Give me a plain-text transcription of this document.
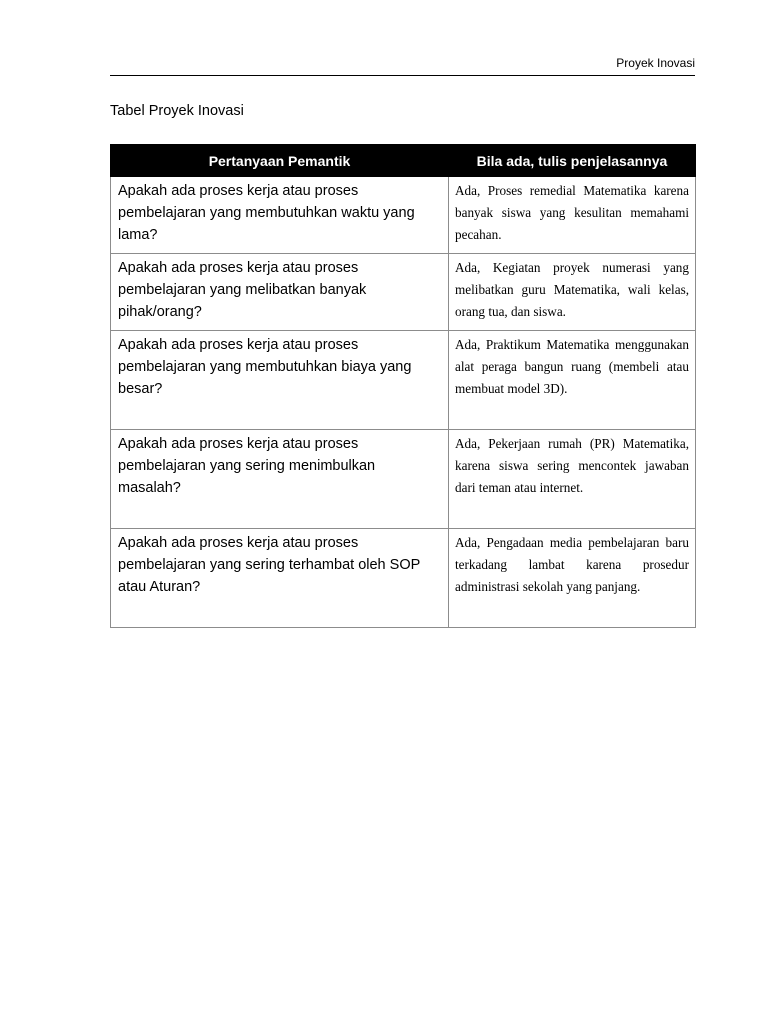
Proyek Inovasi
Tabel Proyek Inovasi
Pertanyaan Pemantik	Bila ada, tulis penjelasannya
Apakah ada proses kerja atau proses pembelajaran yang membutuhkan waktu yang lama?	Ada, Proses remedial Matematika karena banyak siswa yang kesulitan memahami pecahan.
Apakah ada proses kerja atau proses pembelajaran yang melibatkan banyak pihak/orang?	Ada, Kegiatan proyek numerasi yang melibatkan guru Matematika, wali kelas, orang tua, dan siswa.
Apakah ada proses kerja atau proses pembelajaran yang membutuhkan biaya yang besar?	Ada, Praktikum Matematika menggunakan alat peraga bangun ruang (membeli atau membuat model 3D).
Apakah ada proses kerja atau proses pembelajaran yang sering menimbulkan masalah?	Ada, Pekerjaan rumah (PR) Matematika, karena siswa sering mencontek jawaban dari teman atau internet.
Apakah ada proses kerja atau proses pembelajaran yang sering terhambat oleh SOP atau Aturan?	Ada, Pengadaan media pembelajaran baru terkadang lambat karena prosedur administrasi sekolah yang panjang.
